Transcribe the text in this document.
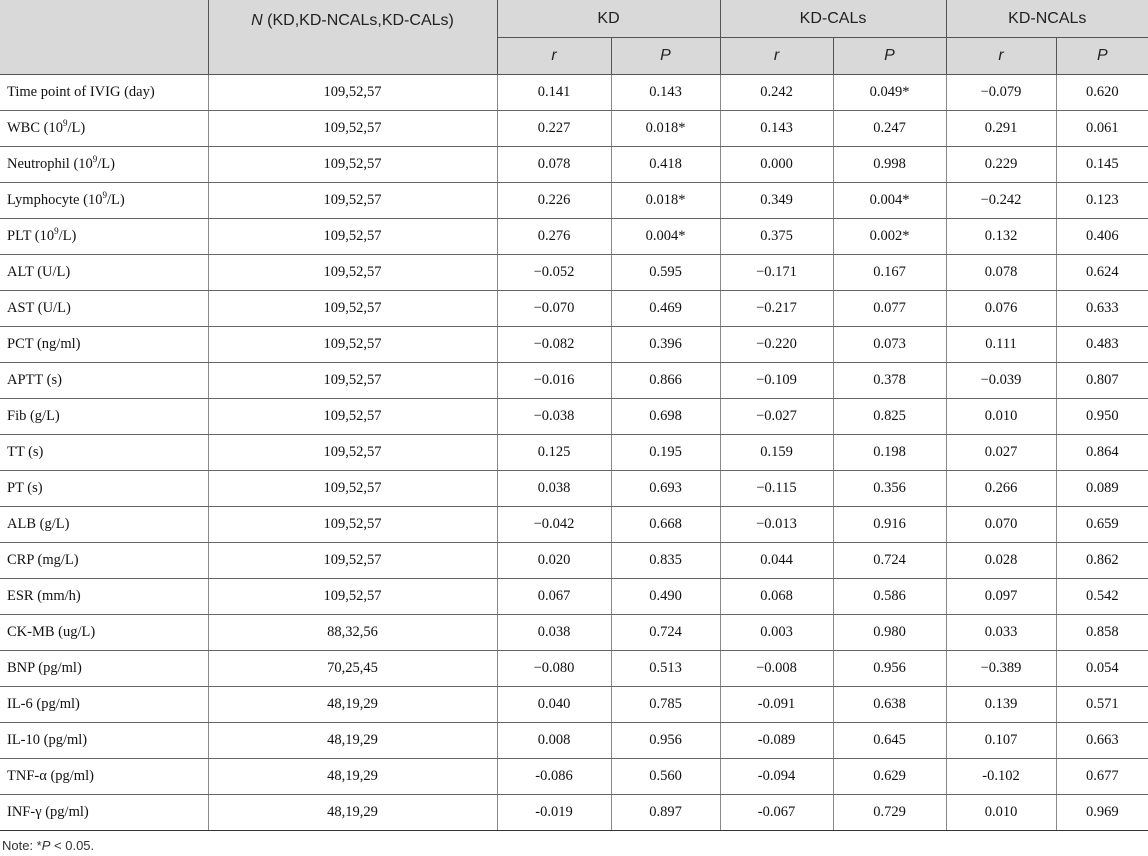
	N (KD,KD-NCALs,KD-CALs)	KD		KD-CALs		KD-NCALs	
		r	P	r	P	r	P
Time point of IVIG (day)	109,52,57	0.141	0.143	0.242	0.049*	−0.079	0.620
WBC $(10^9/L)$	109,52,57	0.227	0.018*	0.143	0.247	0.291	0.061
Neutrophil $(10^9/L)$	109,52,57	0.078	0.418	0.000	0.998	0.229	0.145
Lymphocyte $(10^9/L)$	109,52,57	0.226	0.018*	0.349	0.004*	−0.242	0.123
PLT $(10^9/L)$	109,52,57	0.276	0.004*	0.375	0.002*	0.132	0.406
ALT (U/L)	109,52,57	−0.052	0.595	−0.171	0.167	0.078	0.624
AST (U/L)	109,52,57	−0.070	0.469	−0.217	0.077	0.076	0.633
PCT (ng/ml)	109,52,57	−0.082	0.396	−0.220	0.073	0.111	0.483
APTT (s)	109,52,57	−0.016	0.866	−0.109	0.378	−0.039	0.807
Fib (g/L)	109,52,57	−0.038	0.698	−0.027	0.825	0.010	0.950
TT (s)	109,52,57	0.125	0.195	0.159	0.198	0.027	0.864
PT (s)	109,52,57	0.038	0.693	−0.115	0.356	0.266	0.089
ALB (g/L)	109,52,57	−0.042	0.668	−0.013	0.916	0.070	0.659
CRP (mg/L)	109,52,57	0.020	0.835	0.044	0.724	0.028	0.862
ESR (mm/h)	109,52,57	0.067	0.490	0.068	0.586	0.097	0.542
CK-MB (ug/L)	88,32,56	0.038	0.724	0.003	0.980	0.033	0.858
BNP (pg/ml)	70,25,45	−0.080	0.513	−0.008	0.956	−0.389	0.054
IL-6 (pg/ml)	48,19,29	0.040	0.785	-0.091	0.638	0.139	0.571
IL-10 (pg/ml)	48,19,29	0.008	0.956	-0.089	0.645	0.107	0.663
TNF-α (pg/ml)	48,19,29	-0.086	0.560	-0.094	0.629	-0.102	0.677
INF-γ (pg/ml)	48,19,29	-0.019	0.897	-0.067	0.729	0.010	0.969
Note: *P < 0.05.
